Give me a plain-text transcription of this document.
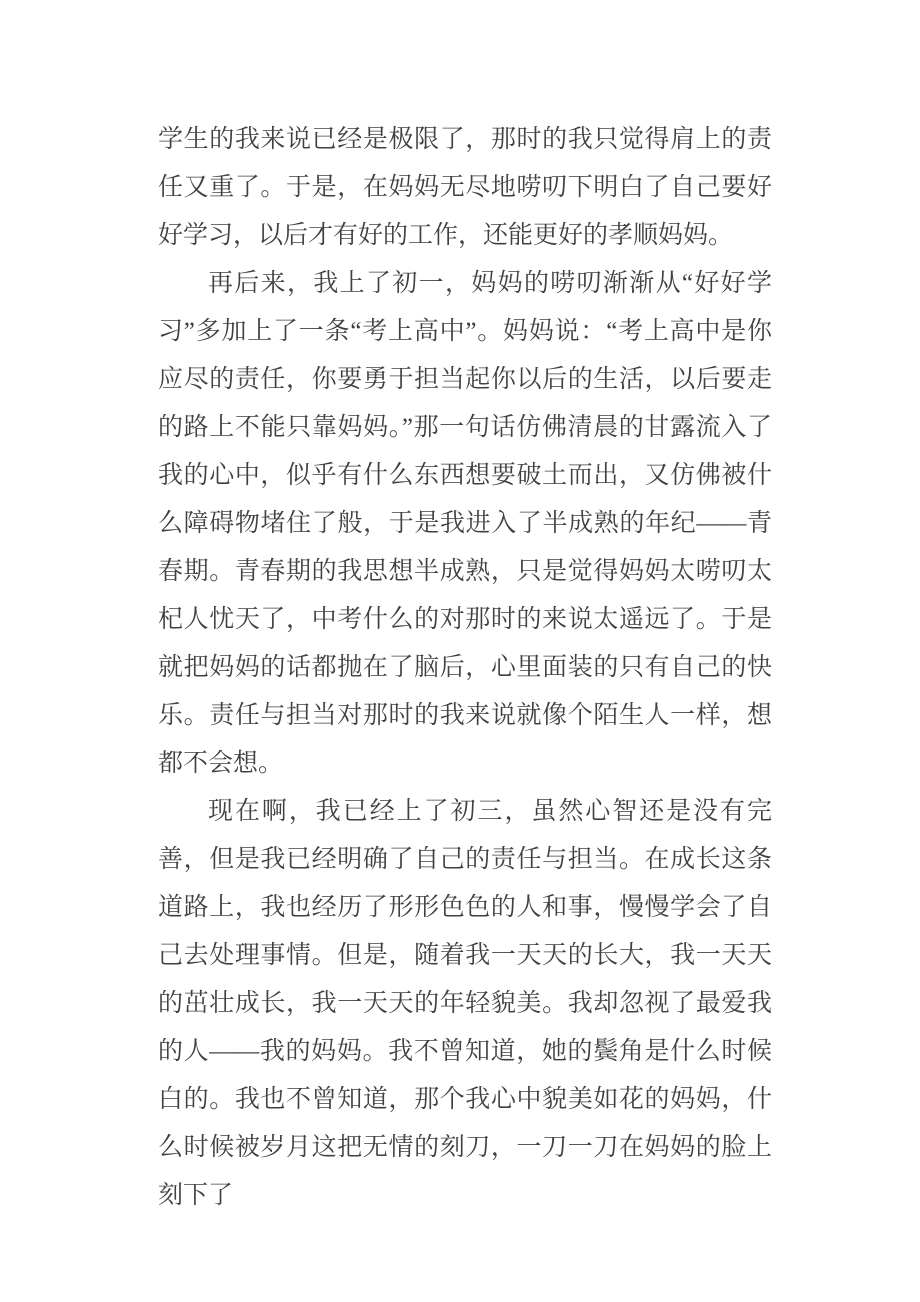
学生的我来说已经是极限了，那时的我只觉得肩上的责任又重了。于是，在妈妈无尽地唠叨下明白了自己要好好学习，以后才有好的工作，还能更好的孝顺妈妈。

再后来，我上了初一，妈妈的唠叨渐渐从“好好学习”多加上了一条“考上高中”。妈妈说：“考上高中是你应尽的责任，你要勇于担当起你以后的生活，以后要走的路上不能只靠妈妈。”那一句话仿佛清晨的甘露流入了我的心中，似乎有什么东西想要破土而出，又仿佛被什么障碍物堵住了般，于是我进入了半成熟的年纪——青春期。青春期的我思想半成熟，只是觉得妈妈太唠叨太杞人忧天了，中考什么的对那时的来说太遥远了。于是就把妈妈的话都抛在了脑后，心里面装的只有自己的快乐。责任与担当对那时的我来说就像个陌生人一样，想都不会想。

现在啊，我已经上了初三，虽然心智还是没有完善，但是我已经明确了自己的责任与担当。在成长这条道路上，我也经历了形形色色的人和事，慢慢学会了自己去处理事情。但是，随着我一天天的长大，我一天天的茁壮成长，我一天天的年轻貌美。我却忽视了最爱我的人——我的妈妈。我不曾知道，她的鬓角是什么时候白的。我也不曾知道，那个我心中貌美如花的妈妈，什么时候被岁月这把无情的刻刀，一刀一刀在妈妈的脸上刻下了
